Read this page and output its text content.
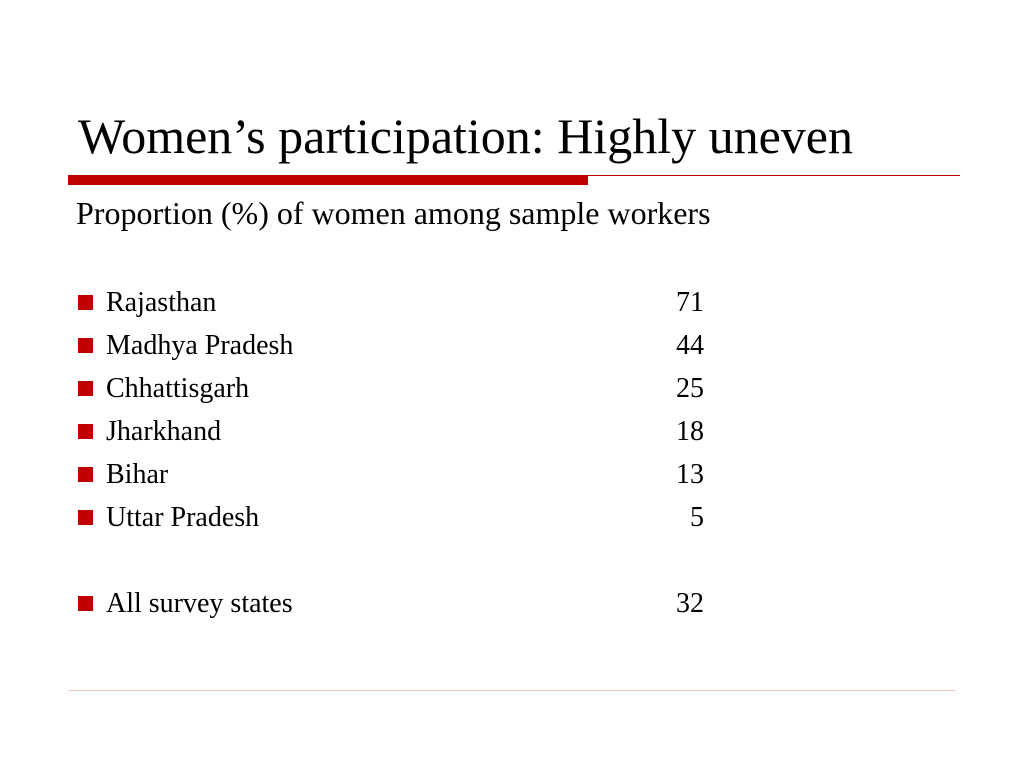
Women’s participation: Highly uneven
Proportion (%) of women among sample workers
Rajasthan	71
Madhya Pradesh	44
Chhattisgarh	25
Jharkhand	18
Bihar	13
Uttar Pradesh	5
All survey states	32
